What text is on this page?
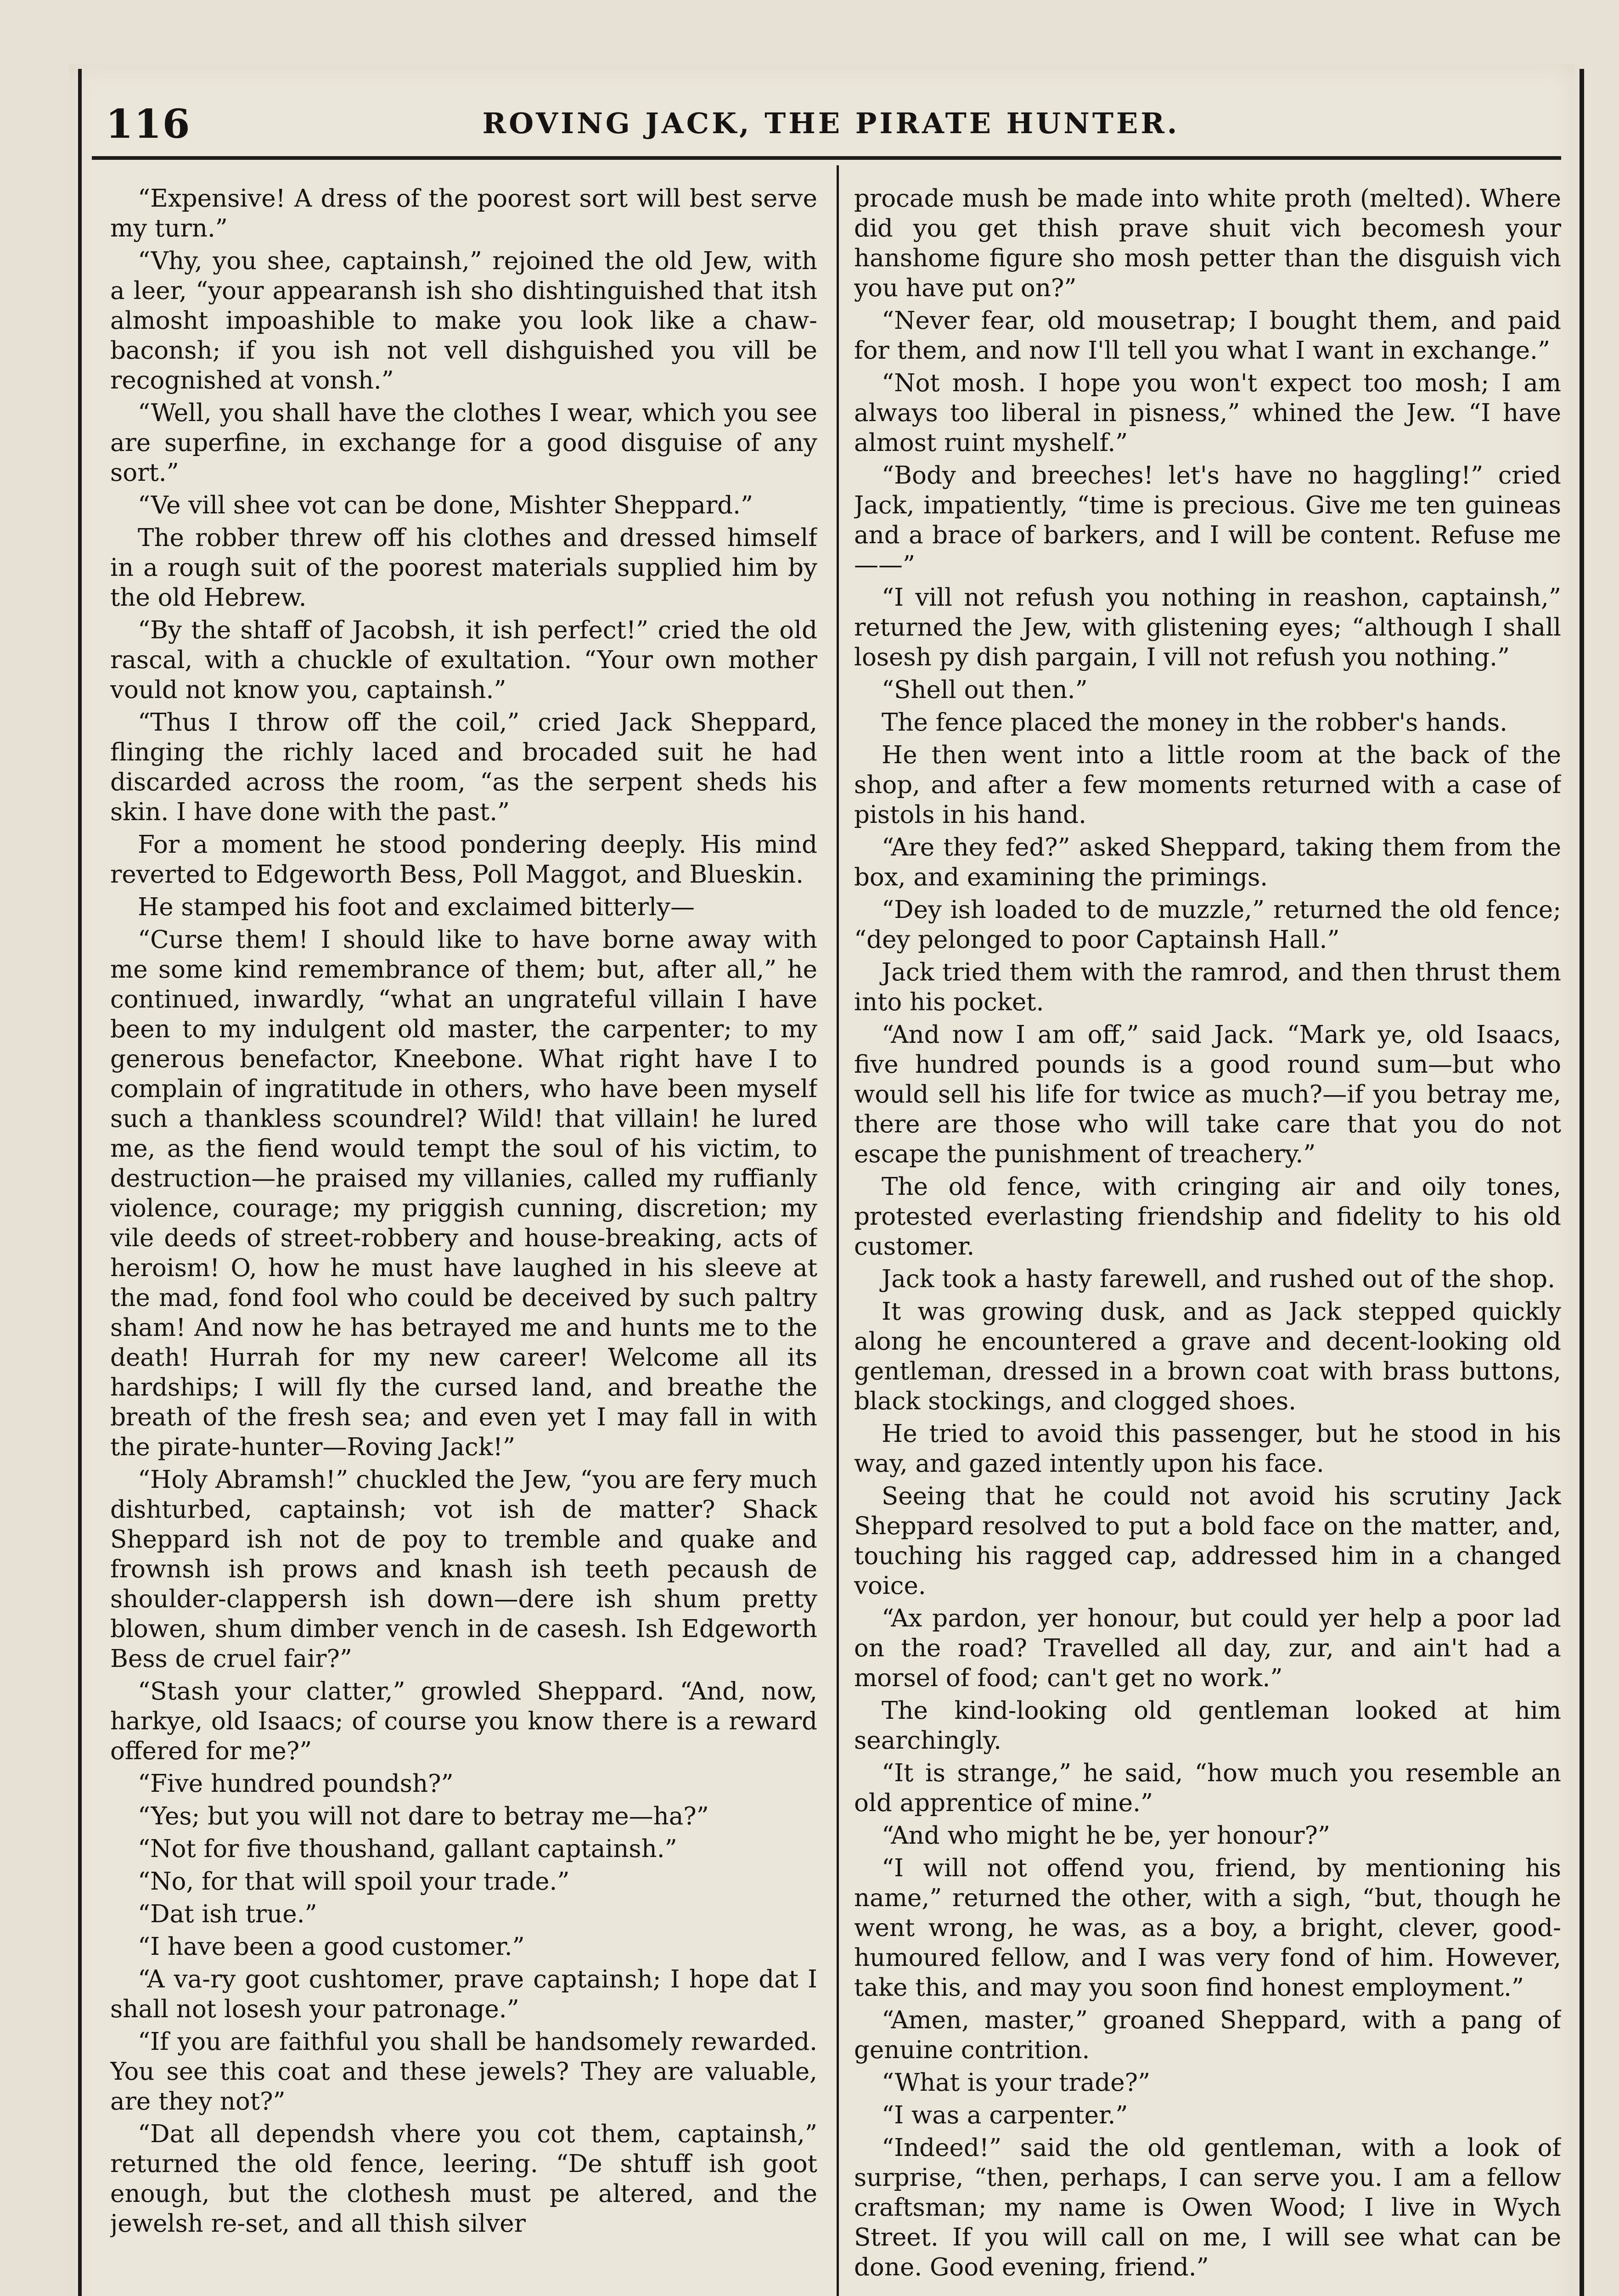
116	ROVING JACK, THE PIRATE HUNTER.

“Expensive! A dress of the poorest sort will best serve my turn.”

“Vhy, you shee, captainsh,” rejoined the old Jew, with a leer, “your appearansh ish sho dishtinguished that itsh almosht impoashible to make you look like a chaw-baconsh; if you ish not vell dishguished you vill be recognished at vonsh.”

“Well, you shall have the clothes I wear, which you see are superfine, in exchange for a good disguise of any sort.”

“Ve vill shee vot can be done, Mishter Sheppard.”

The robber threw off his clothes and dressed himself in a rough suit of the poorest materials supplied him by the old Hebrew.

“By the shtaff of Jacobsh, it ish perfect!” cried the old rascal, with a chuckle of exultation. “Your own mother vould not know you, captainsh.”

“Thus I throw off the coil,” cried Jack Sheppard, flinging the richly laced and brocaded suit he had discarded across the room, “as the serpent sheds his skin. I have done with the past.”

For a moment he stood pondering deeply. His mind reverted to Edgeworth Bess, Poll Maggot, and Blueskin.

He stamped his foot and exclaimed bitterly—

“Curse them! I should like to have borne away with me some kind remembrance of them; but, after all,” he continued, inwardly, “what an ungrateful villain I have been to my indulgent old master, the carpenter; to my generous benefactor, Kneebone. What right have I to complain of ingratitude in others, who have been myself such a thankless scoundrel? Wild! that villain! he lured me, as the fiend would tempt the soul of his victim, to destruction—he praised my villanies, called my ruffianly violence, courage; my priggish cunning, discretion; my vile deeds of street-robbery and house-breaking, acts of heroism! O, how he must have laughed in his sleeve at the mad, fond fool who could be deceived by such paltry sham! And now he has betrayed me and hunts me to the death! Hurrah for my new career! Welcome all its hardships; I will fly the cursed land, and breathe the breath of the fresh sea; and even yet I may fall in with the pirate-hunter—Roving Jack!”

“Holy Abramsh!” chuckled the Jew, “you are fery much dishturbed, captainsh; vot ish de matter? Shack Sheppard ish not de poy to tremble and quake and frownsh ish prows and knash ish teeth pecaush de shoulder-clappersh ish down—dere ish shum pretty blowen, shum dimber vench in de casesh. Ish Edgeworth Bess de cruel fair?”

“Stash your clatter,” growled Sheppard. “And, now, harkye, old Isaacs; of course you know there is a reward offered for me?”

“Five hundred poundsh?”

“Yes; but you will not dare to betray me—ha?”

“Not for five thoushand, gallant captainsh.”

“No, for that will spoil your trade.”

“Dat ish true.”

“I have been a good customer.”

“A va-ry goot cushtomer, prave captainsh; I hope dat I shall not losesh your patronage.”

“If you are faithful you shall be handsomely rewarded. You see this coat and these jewels? They are valuable, are they not?”

“Dat all dependsh vhere you cot them, captainsh,” returned the old fence, leering. “De shtuff ish goot enough, but the clothesh must pe altered, and the jewelsh re-set, and all thish silver

procade mush be made into white proth (melted). Where did you get thish prave shuit vich becomesh your hanshome figure sho mosh petter than the disguish vich you have put on?”

“Never fear, old mousetrap; I bought them, and paid for them, and now I'll tell you what I want in exchange.”

“Not mosh. I hope you won't expect too mosh; I am always too liberal in pisness,” whined the Jew. “I have almost ruint myshelf.”

“Body and breeches! let's have no haggling!” cried Jack, impatiently, “time is precious. Give me ten guineas and a brace of barkers, and I will be content. Refuse me——”

“I vill not refush you nothing in reashon, captainsh,” returned the Jew, with glistening eyes; “although I shall losesh py dish pargain, I vill not refush you nothing.”

“Shell out then.”

The fence placed the money in the robber's hands.

He then went into a little room at the back of the shop, and after a few moments returned with a case of pistols in his hand.

“Are they fed?” asked Sheppard, taking them from the box, and examining the primings.

“Dey ish loaded to de muzzle,” returned the old fence; “dey pelonged to poor Captainsh Hall.”

Jack tried them with the ramrod, and then thrust them into his pocket.

“And now I am off,” said Jack. “Mark ye, old Isaacs, five hundred pounds is a good round sum—but who would sell his life for twice as much?—if you betray me, there are those who will take care that you do not escape the punishment of treachery.”

The old fence, with cringing air and oily tones, protested everlasting friendship and fidelity to his old customer.

Jack took a hasty farewell, and rushed out of the shop.

It was growing dusk, and as Jack stepped quickly along he encountered a grave and decent-looking old gentleman, dressed in a brown coat with brass buttons, black stockings, and clogged shoes.

He tried to avoid this passenger, but he stood in his way, and gazed intently upon his face.

Seeing that he could not avoid his scrutiny Jack Sheppard resolved to put a bold face on the matter, and, touching his ragged cap, addressed him in a changed voice.

“Ax pardon, yer honour, but could yer help a poor lad on the road? Travelled all day, zur, and ain't had a morsel of food; can't get no work.”

The kind-looking old gentleman looked at him searchingly.

“It is strange,” he said, “how much you resemble an old apprentice of mine.”

“And who might he be, yer honour?”

“I will not offend you, friend, by mentioning his name,” returned the other, with a sigh, “but, though he went wrong, he was, as a boy, a bright, clever, good-humoured fellow, and I was very fond of him. However, take this, and may you soon find honest employment.”

“Amen, master,” groaned Sheppard, with a pang of genuine contrition.

“What is your trade?”

“I was a carpenter.”

“Indeed!” said the old gentleman, with a look of surprise, “then, perhaps, I can serve you. I am a fellow craftsman; my name is Owen Wood; I live in Wych Street. If you will call on me, I will see what can be done. Good evening, friend.”
